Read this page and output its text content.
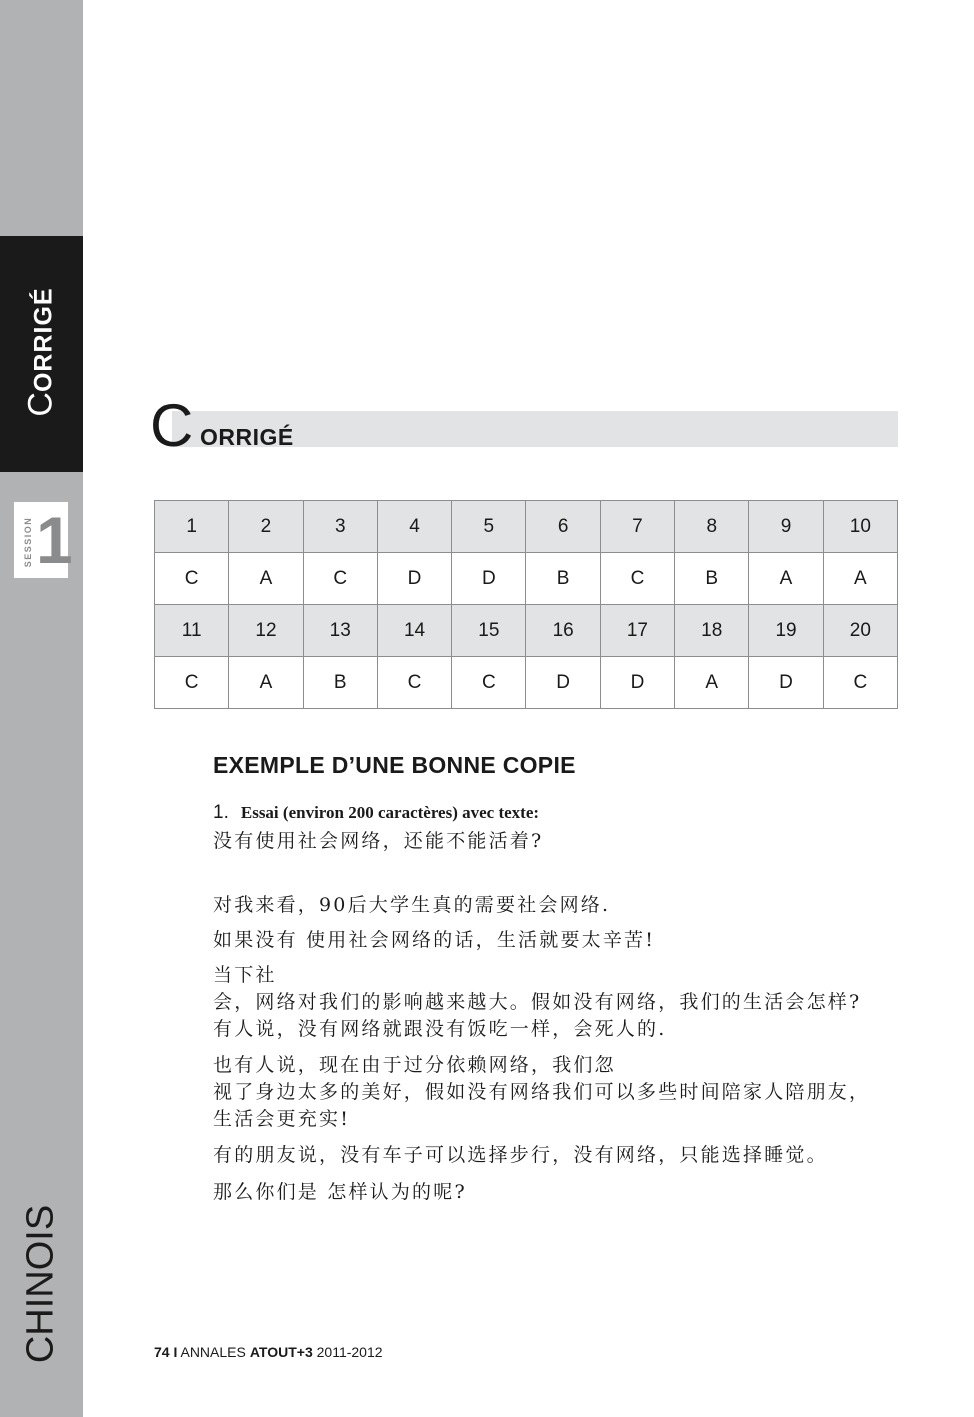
CORRIGÉ
SESSION 1
CHINOIS
C ORRIGÉ
1	2	3	4	5	6	7	8	9	10
C	A	C	D	D	B	C	B	A	A
11	12	13	14	15	16	17	18	19	20
C	A	B	C	C	D	D	A	D	C
EXEMPLE D’UNE BONNE COPIE
1. Essai (environ 200 caractères) avec texte:
没有使用社会网络，还能不能活着?
对我来看，90后大学生真的需要社会网络.
如果没有 使用社会网络的话，生活就要太辛苦!
当下社
会，网络对我们的影响越来越大。假如没有网络，我们的生活会怎样?
有人说，没有网络就跟没有饭吃一样，会死人的.
也有人说，现在由于过分依赖网络，我们忽
视了身边太多的美好，假如没有网络我们可以多些时间陪家人陪朋友，
生活会更充实!
有的朋友说，没有车子可以选择步行，没有网络，只能选择睡觉。
那么你们是 怎样认为的呢?
74 I ANNALES ATOUT+3 2011-2012
